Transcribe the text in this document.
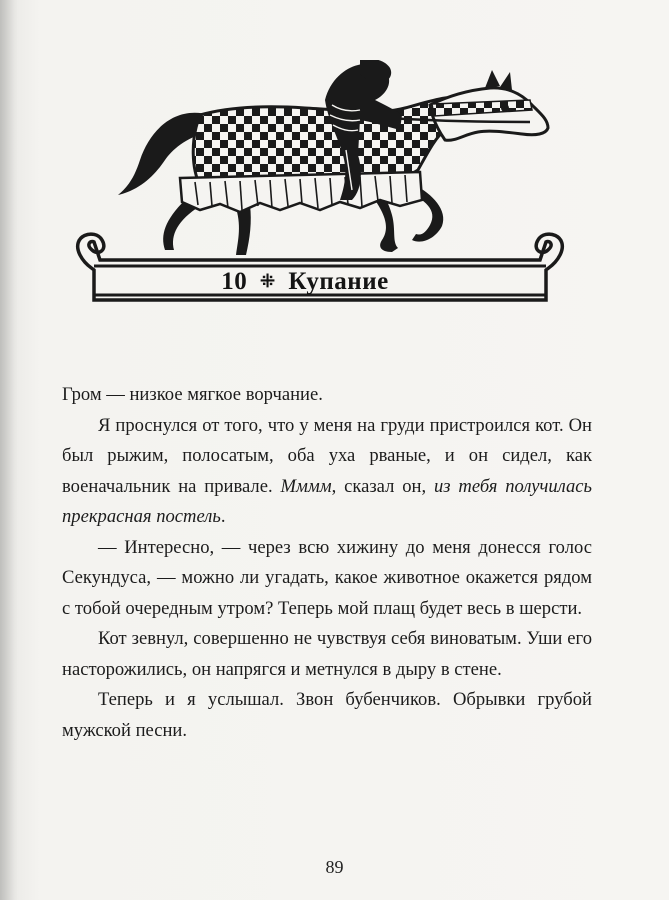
10 ⁜ Купание

Гром — низкое мягкое ворчание.

Я проснулся от того, что у меня на груди пристроился кот. Он был рыжим, полосатым, оба уха рваные, и он сидел, как военачальник на привале. Мммм, сказал он, из тебя получилась прекрасная постель.

— Интересно, — через всю хижину до меня донесся голос Секундуса, — можно ли угадать, какое животное окажется рядом с тобой очередным утром? Теперь мой плащ будет весь в шерсти.

Кот зевнул, совершенно не чувствуя себя виноватым. Уши его насторожились, он напрягся и метнулся в дыру в стене.

Теперь и я услышал. Звон бубенчиков. Обрывки грубой мужской песни.

89
